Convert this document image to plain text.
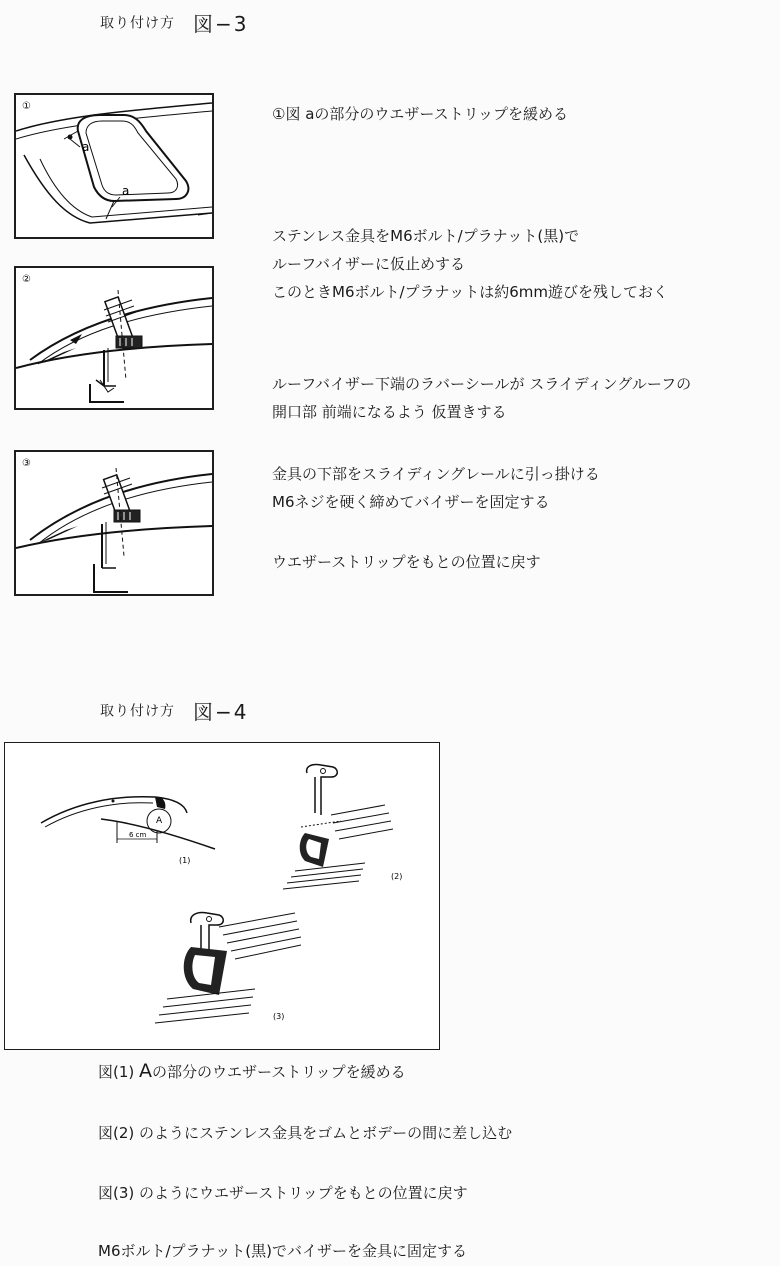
取り付け方 図−3
①
a
a
②
③
①図 aの部分のウエザーストリップを緩める
ステンレス金具をM6ボルト/プラナット(黒)で
ルーフバイザーに仮止めする
このときM6ボルト/プラナットは約6mm遊びを残しておく
ルーフバイザー下端のラバーシールが スライディングルーフの
開口部 前端になるよう 仮置きする
金具の下部をスライディングレールに引っ掛ける
M6ネジを硬く締めてバイザーを固定する
ウエザーストリップをもとの位置に戻す
取り付け方 図−4
A
6 cm
(1)
(2)
(3)
図(1) Aの部分のウエザーストリップを緩める
図(2) のようにステンレス金具をゴムとボデーの間に差し込む
図(3) のようにウエザーストリップをもとの位置に戻す
M6ボルト/プラナット(黒)でバイザーを金具に固定する
